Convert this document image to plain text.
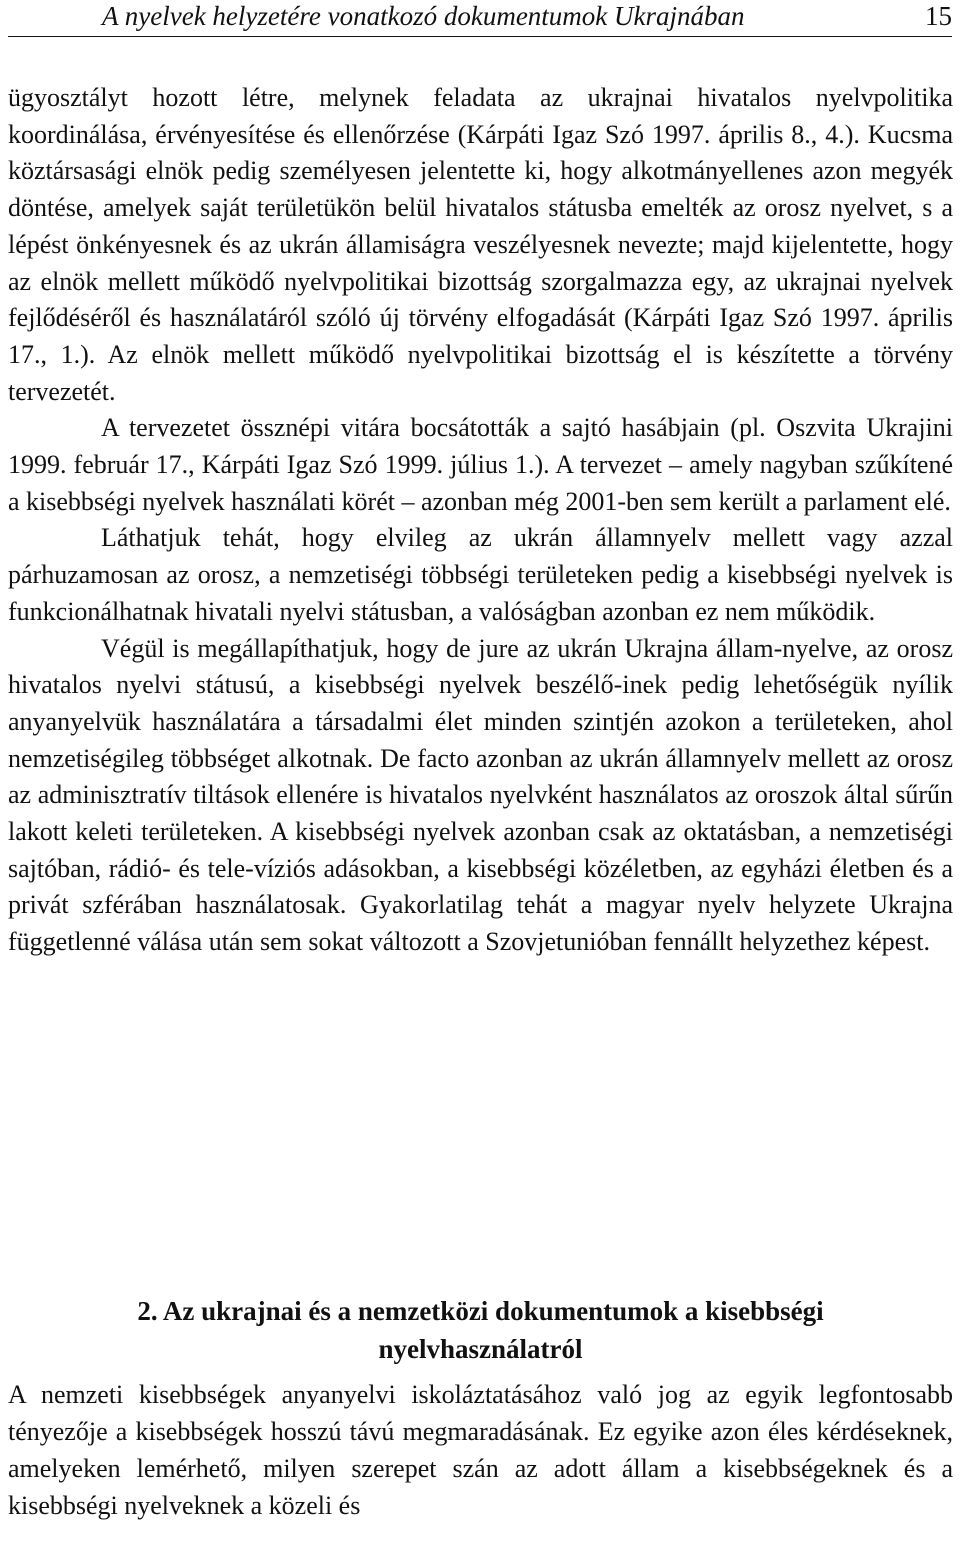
A nyelvek helyzetére vonatkozó dokumentumok Ukrajnában	15

ügyosztályt hozott létre, melynek feladata az ukrajnai hivatalos nyelvpolitika koordinálása, érvényesítése és ellenőrzése (Kárpáti Igaz Szó 1997. április 8., 4.). Kucsma köztársasági elnök pedig személyesen jelentette ki, hogy alkotmányellenes azon megyék döntése, amelyek saját területükön belül hivatalos státusba emelték az orosz nyelvet, s a lépést önkényesnek és az ukrán államiságra veszélyesnek nevezte; majd kijelentette, hogy az elnök mellett működő nyelvpolitikai bizottság szorgalmazza egy, az ukrajnai nyelvek fejlődéséről és használatáról szóló új törvény elfogadását (Kárpáti Igaz Szó 1997. április 17., 1.). Az elnök mellett működő nyelvpolitikai bizottság el is készítette a törvény tervezetét.

A tervezetet össznépi vitára bocsátották a sajtó hasábjain (pl. Oszvita Ukrajini 1999. február 17., Kárpáti Igaz Szó 1999. július 1.). A tervezet – amely nagyban szűkítené a kisebbségi nyelvek használati körét – azonban még 2001-ben sem került a parlament elé.

Láthatjuk tehát, hogy elvileg az ukrán államnyelv mellett vagy azzal párhuzamosan az orosz, a nemzetiségi többségi területeken pedig a kisebbségi nyelvek is funkcionálhatnak hivatali nyelvi státusban, a valóságban azonban ez nem működik.

Végül is megállapíthatjuk, hogy de jure az ukrán Ukrajna állam-nyelve, az orosz hivatalos nyelvi státusú, a kisebbségi nyelvek beszélő-inek pedig lehetőségük nyílik anyanyelvük használatára a társadalmi élet minden szintjén azokon a területeken, ahol nemzetiségileg többséget alkotnak. De facto azonban az ukrán államnyelv mellett az orosz az adminisztratív tiltások ellenére is hivatalos nyelvként használatos az oroszok által sűrűn lakott keleti területeken. A kisebbségi nyelvek azonban csak az oktatásban, a nemzetiségi sajtóban, rádió- és tele-víziós adásokban, a kisebbségi közéletben, az egyházi életben és a privát szférában használatosak. Gyakorlatilag tehát a magyar nyelv helyzete Ukrajna függetlenné válása után sem sokat változott a Szovjetunióban fennállt helyzethez képest.

2. Az ukrajnai és a nemzetközi dokumentumok a kisebbségi
nyelvhasználatról

A nemzeti kisebbségek anyanyelvi iskoláztatásához való jog az egyik legfontosabb tényezője a kisebbségek hosszú távú megmaradásának. Ez egyike azon éles kérdéseknek, amelyeken lemérhető, milyen szerepet szán az adott állam a kisebbségeknek és a kisebbségi nyelveknek a közeli és
